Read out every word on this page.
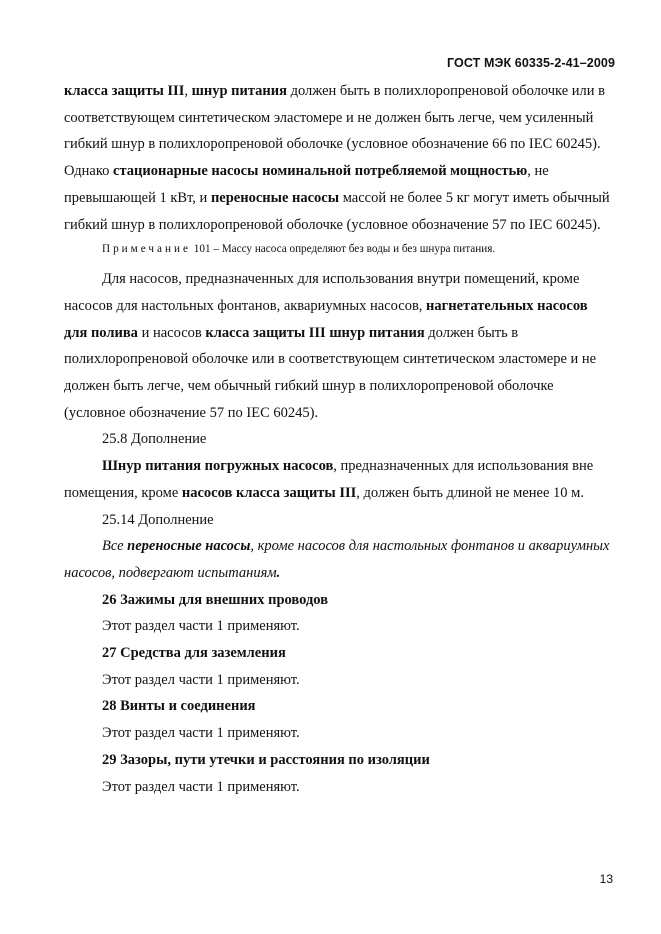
ГОСТ МЭК 60335-2-41–2009

класса защиты III, шнур питания должен быть в полихлоропреновой оболочке или в соответствующем синтетическом эластомере и не должен быть легче, чем усиленный гибкий шнур в полихлоропреновой оболочке (условное обозначение 66 по IEC 60245). Однако стационарные насосы номинальной потребляемой мощностью, не превышающей 1 кВт, и переносные насосы массой не более 5 кг могут иметь обычный гибкий шнур в полихлоропреновой оболочке (условное обозначение 57 по IEC 60245).

Примечание 101 – Массу насоса определяют без воды и без шнура питания.

Для насосов, предназначенных для использования внутри помещений, кроме насосов для настольных фонтанов, аквариумных насосов, нагнетательных насосов для полива и насосов класса защиты III шнур питания должен быть в полихлоропреновой оболочке или в соответствующем синтетическом эластомере и не должен быть легче, чем обычный гибкий шнур в полихлоропреновой оболочке (условное обозначение 57 по IEC 60245).

25.8 Дополнение

Шнур питания погружных насосов, предназначенных для использования вне помещения, кроме насосов класса защиты III, должен быть длиной не менее 10 м.

25.14 Дополнение

Все переносные насосы, кроме насосов для настольных фонтанов и аквариумных насосов, подвергают испытаниям.

26 Зажимы для внешних проводов

Этот раздел части 1 применяют.

27 Средства для заземления

Этот раздел части 1 применяют.

28 Винты и соединения

Этот раздел части 1 применяют.

29 Зазоры, пути утечки и расстояния по изоляции

Этот раздел части 1 применяют.

13
